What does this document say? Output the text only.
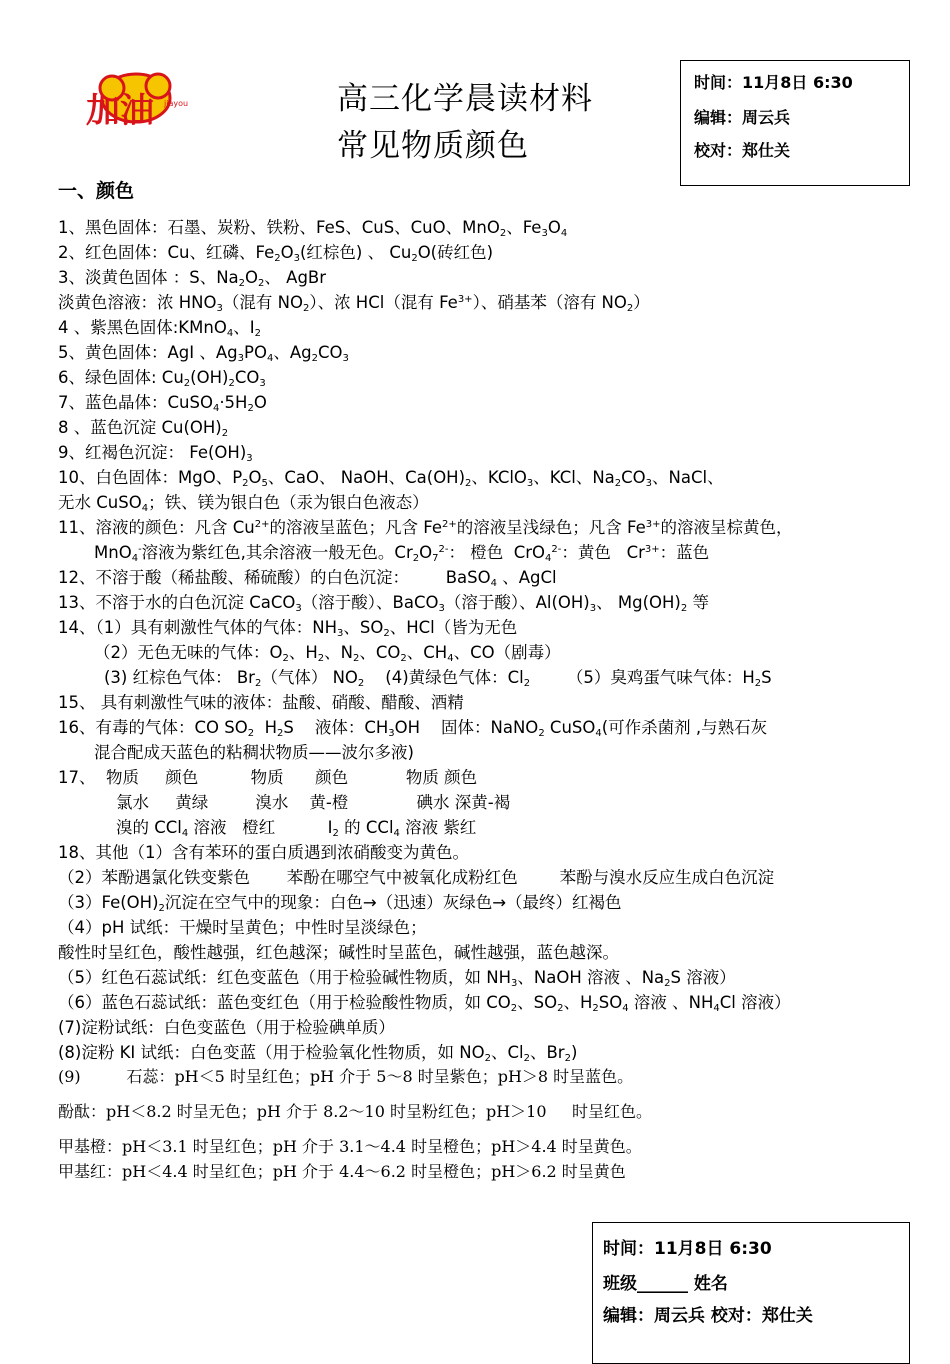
加油 jiayou	高三化学晨读材料
常见物质颜色
时间：11月8日 6:30
编辑：周云兵
校对：郑仕关
一、颜色
1、黑色固体：石墨、炭粉、铁粉、FeS、CuS、CuO、MnO$_2$、$Fe_3O_4$
2、红色固体：Cu、红磷、$Fe_2O_3$(红棕色) 、 $Cu_2O$(砖红色)
3、淡黄色固体 ：S、$Na_2O_2$、 AgBr
淡黄色溶液：浓 $HNO_3$（混有 $NO_2$）、浓 HCl（混有 $Fe^{3+}$）、硝基苯（溶有 $NO_2$）
4 、紫黑色固体:KMnO$_4$、$I_2$
5、黄色固体：AgI 、$Ag_3PO_4$、$Ag_2CO_3$
6、绿色固体: $Cu_2(OH)_2CO_3$
7、蓝色晶体：$CuSO_4\cdot 5H_2O$
8 、蓝色沉淀 $Cu(OH)_2$
9、红褐色沉淀： $Fe(OH)_3$
10、白色固体：MgO、$P_2O_5$、CaO、 NaOH、$Ca(OH)_2$、KClO$_3$、KCl、$Na_2CO_3$、NaCl、
无水 CuSO$_4$；铁、镁为银白色（汞为银白色液态）
11、溶液的颜色：凡含 $Cu^{2+}$的溶液呈蓝色；凡含 $Fe^{2+}$的溶液呈浅绿色；凡含 $Fe^{3+}$的溶液呈棕黄色，
MnO$_4$-溶液为紫红色,其余溶液一般无色。$Cr_2O_7^{2-}$： 橙色  CrO$_4^{2-}$：黄色   $Cr^{3+}$：蓝色
12、不溶于酸（稀盐酸、稀硫酸）的白色沉淀：       BaSO$_4$ 、AgCl
13、不溶于水的白色沉淀 CaCO$_3$（溶于酸）、BaCO$_3$（溶于酸）、$Al(OH)_3$、 $Mg(OH)_2$ 等
14、（1）具有刺激性气体的气体：$NH_3$、$SO_2$、HCl（皆为无色
（2）无色无味的气体：$O_2$、$H_2$、$N_2$、$CO_2$、$CH_4$、CO（剧毒）
(3) 红棕色气体： $Br_2$（气体） $NO_2$    (4)黄绿色气体：$Cl_2$       （5）臭鸡蛋气味气体：$H_2S$
15、 具有刺激性气味的液体：盐酸、硝酸、醋酸、酒精
16、有毒的气体：CO $SO_2$  $H_2S$    液体：$CH_3OH$    固体：NaNO$_2$ CuSO$_4$(可作杀菌剂 ,与熟石灰
混合配成天蓝色的粘稠状物质——波尔多液)
17、  物质     颜色          物质      颜色           物质 颜色
氯水     黄绿         溴水    黄-橙             碘水 深黄-褐
溴的 CCl$_4$ 溶液   橙红          $I_2$ 的 CCl$_4$ 溶液 紫红
18、其他（1）含有苯环的蛋白质遇到浓硝酸变为黄色。
（2）苯酚遇氯化铁变紫色       苯酚在哪空气中被氧化成粉红色        苯酚与溴水反应生成白色沉淀
$(3)Fe(OH)_2$沉淀在空气中的现象：白色→（迅速）灰绿色→（最终）红褐色
（4）pH 试纸：干燥时呈黄色；中性时呈淡绿色；
酸性时呈红色，酸性越强，红色越深；碱性时呈蓝色，碱性越强，蓝色越深。
（5）红色石蕊试纸：红色变蓝色（用于检验碱性物质，如 $NH_3$、NaOH 溶液 、$Na_2S$ 溶液）
（6）蓝色石蕊试纸：蓝色变红色（用于检验酸性物质，如 $CO_2$、$SO_2$、$H_2SO_4$ 溶液 、$NH_4Cl$ 溶液）
(7)淀粉试纸：白色变蓝色（用于检验碘单质）
(8)淀粉 KI 试纸：白色变蓝（用于检验氧化性物质，如 $NO_2$、$Cl_2$、$Br_2$)
(9)         石蕊：pH＜5 时呈红色；pH 介于 5～8 时呈紫色；pH＞8 时呈蓝色。
酚酞：pH＜8.2 时呈无色；pH 介于 8.2～10 时呈粉红色；pH＞10     时呈红色。
甲基橙：pH＜3.1 时呈红色；pH 介于 3.1～4.4 时呈橙色；pH＞4.4 时呈黄色。
甲基红：pH＜4.4 时呈红色；pH 介于 4.4～6.2 时呈橙色；pH＞6.2 时呈黄色
时间：11月8日 6:30
班级______ 姓名
编辑：周云兵 校对：郑仕关
